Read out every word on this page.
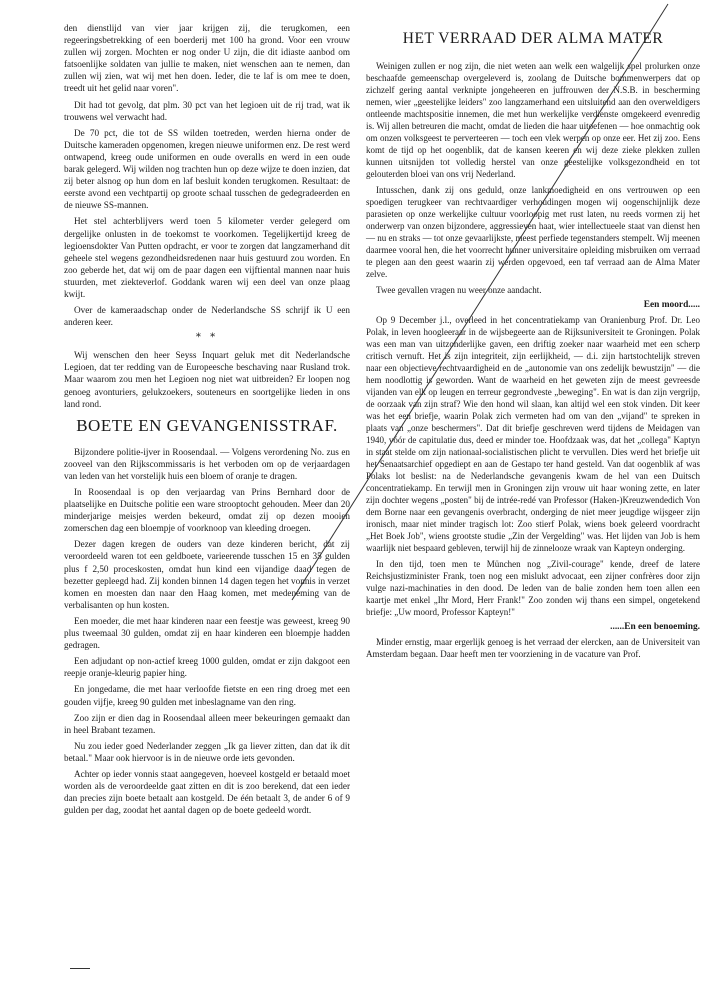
den dienstlijd van vier jaar krijgen zij, die terugkomen, een regeeringsbetrekking of een boerderij met 100 ha grond. Voor een vrouw zullen wij zorgen. Mochten er nog onder U zijn, die dit idiaste aanbod om fatsoenlijke soldaten van jullie te maken, niet wenschen aan te nemen, dan zullen wij zien, wat wij met hen doen. Ieder, die te laf is om mee te doen, treedt uit het gelid naar voren".

Dit had tot gevolg, dat plm. 30 pct van het legioen uit de rij trad, wat ik trouwens wel verwacht had.

De 70 pct, die tot de SS wilden toetreden, werden hierna onder de Duitsche kameraden opgenomen, kregen nieuwe uniformen enz. De rest werd ontwapend, kreeg oude uniformen en oude overalls en werd in een oude barak gelegerd. Wij wilden nog trachten hun op deze wijze te doen inzien, dat zij beter alsnog op hun dom en laf besluit konden terugkomen. Resultaat: de eerste avond een vechtpartij op groote schaal tusschen de gedegradeerden en de nieuwe SS-mannen.

Het stel achterblijvers werd toen 5 kilometer verder gelegerd om dergelijke onlusten in de toekomst te voorkomen. Tegelijkertijd kreeg de legioensdokter Van Putten opdracht, er voor te zorgen dat langzamerhand dit geheele stel wegens gezondheidsredenen naar huis gestuurd zou worden. En zoo geberde het, dat wij om de paar dagen een vijftiental mannen naar huis stuurden, met ziekteverlof. Goddank waren wij een deel van onze plaag kwijt.

Over de kameraadschap onder de Nederlandsche SS schrijf ik U een anderen keer.

* *

Wij wenschen den heer Seyss Inquart geluk met dit Nederlandsche Legioen, dat ter redding van de Europeesche beschaving naar Rusland trok. Maar waarom zou men het Legioen nog niet wat uitbreiden? Er loopen nog genoeg avonturiers, gelukzoekers, souteneurs en soortgelijke lieden in ons land rond.

BOETE EN GEVANGENISSTRAF.

Bijzondere politie-ijver in Roosendaal. — Volgens verordening No. zus en zooveel van den Rijkscommissaris is het verboden om op de verjaardagen van leden van het vorstelijk huis een bloem of oranje te dragen.

In Roosendaal is op den verjaardag van Prins Bernhard door de plaatselijke en Duitsche politie een ware strooptocht gehouden. Meer dan 20 minderjarige meisjes werden bekeurd, omdat zij op dezen mooien zomerschen dag een bloempje of voorknoop van kleeding droegen.

Dezer dagen kregen de ouders van deze kinderen bericht, dat zij veroordeeld waren tot een geldboete, varieerende tusschen 15 en 35 gulden plus f 2,50 proceskosten, omdat hun kind een vijandige daad tegen de bezetter gepleegd had. Zij konden binnen 14 dagen tegen het vonnis in verzet komen en moesten dan naar den Haag komen, met medeneming van de verbalisanten op hun kosten.

Een moeder, die met haar kinderen naar een feestje was geweest, kreeg 90 plus tweemaal 30 gulden, omdat zij en haar kinderen een bloempje hadden gedragen.

Een adjudant op non-actief kreeg 1000 gulden, omdat er zijn dakgoot een reepje oranje-kleurig papier hing.

En jongedame, die met haar verloofde fietste en een ring droeg met een gouden vijfje, kreeg 90 gulden met inbeslagname van den ring.

Zoo zijn er dien dag in Roosendaal alleen meer bekeuringen gemaakt dan in heel Brabant tezamen.

Nu zou ieder goed Nederlander zeggen „Ik ga liever zitten, dan dat ik dit betaal." Maar ook hiervoor is in de nieuwe orde iets gevonden.

Achter op ieder vonnis staat aangegeven, hoeveel kostgeld er betaald moet worden als de veroordeelde gaat zitten en dit is zoo berekend, dat een ieder dan precies zijn boete betaalt aan kostgeld. De één betaalt 3, de ander 6 of 9 gulden per dag, zoodat het aantal dagen op de boete gedeeld wordt.

HET VERRAAD DER ALMA MATER

Weinigen zullen er nog zijn, die niet weten aan welk een walgelijk spel prolurken onze beschaafde gemeenschap overgeleverd is, zoolang de Duitsche bommenwerpers dat op zichzelf gering aantal verknipte jongeheeren en juffrouwen der N.S.B. in bescherming nemen, wier „geestelijke leiders" zoo langzamerhand een uitsluitend aan den overweldigers ontleende machtspositie innemen, die met hun werkelijke verdienste omgekeerd evenredig is. Wij allen betreuren die macht, omdat de lieden die haar uitoefenen — hoe onmachtig ook om onzen volksgeest te perverteeren — toch een vlek werpen op onze eer. Het zij zoo. Eens komt de tijd op het oogenblik, dat de kansen keeren en wij deze zieke plekken zullen kunnen uitsnijden tot volledig herstel van onze geestelijke volksgezondheid en tot gelouterden bloei van ons vrij Nederland.

Intusschen, dank zij ons geduld, onze lankmoedigheid en ons vertrouwen op een spoedigen terugkeer van rechtvaardiger verhoudingen mogen wij oogenschijnlijk deze parasieten op onze werkelijke cultuur voorloopig met rust laten, nu reeds vormen zij het onderwerp van onzen bijzondere, aggressieven haat, wier intellectueele staat van dienst hen — nu en straks — tot onze gevaarlijkste, meest perfiede tegenstanders stempelt. Wij meenen daarmee vooral hen, die het voorrecht hunner universitaire opleiding misbruiken om verraad te plegen aan den geest waarin zij werden opgevoed, een taf verraad aan de Alma Mater zelve.

Twee gevallen vragen nu weer onze aandacht.

Een moord.....

Op 9 December j.l., overleed in het concentratiekamp van Oranienburg Prof. Dr. Leo Polak, in leven hoogleeraar in de wijsbegeerte aan de Rijksuniversiteit te Groningen. Polak was een man van uitzonderlijke gaven, een driftig zoeker naar waarheid met een scherp critisch vernuft. Het is zijn integriteit, zijn eerlijkheid, — d.i. zijn hartstochtelijk streven naar een objectieve rechtvaardigheid en de „autonomie van ons zedelijk bewustzijn" — die hem noodlottig is geworden. Want de waarheid en het geweten zijn de meest gevreesde vijanden van elk op leugen en terreur gegrondveste „beweging". En wat is dan zijn vergrijp, de oorzaak van zijn straf? Wie den hond wil slaan, kan altijd wel een stok vinden. Dit keer was het een briefje, waarin Polak zich vermeten had om van den „vijand" te spreken in plaats van „onze beschermers". Dat dit briefje geschreven werd tijdens de Meidagen van 1940, vóór de capitulatie dus, deed er minder toe. Hoofdzaak was, dat het „collega" Kaptyn in staat stelde om zijn nationaal-socialistischen plicht te vervullen. Dies werd het briefje uit het Senaatsarchief opgediept en aan de Gestapo ter hand gesteld. Van dat oogenblik af was Polaks lot beslist: na de Nederlandsche gevangenis kwam de hel van een Duitsch concentratiekamp. En terwijl men in Groningen zijn vrouw uit haar woning zette, en later zijn dochter wegens „posten" bij de intrée-redé van Professor (Haken-)Kreuzwendedich Von dem Borne naar een gevangenis overbracht, onderging de niet meer jeugdige wijsgeer zijn ironisch, maar niet minder tragisch lot: Zoo stierf Polak, wiens boek geleerd voordracht „Het Boek Job", wiens grootste studie „Zin der Vergelding" was. Het lijden van Job is hem waarlijk niet bespaard gebleven, terwijl hij de zinnelooze wraak van Kapteyn onderging.

In den tijd, toen men te München nog „Zivil-courage" kende, dreef de latere Reichsjustizminister Frank, toen nog een mislukt advocaat, een zijner confrères door zijn vulge nazi-machinaties in den dood. De leden van de balie zonden hem toen allen een kaartje met enkel „Ihr Mord, Herr Frank!" Zoo zonden wij thans een simpel, ongetekend briefje: „Uw moord, Professor Kapteyn!"

......En een benoeming.

Minder ernstig, maar ergerlijk genoeg is het verraad der elercken, aan de Universiteit van Amsterdam begaan. Daar heeft men ter voorziening in de vacature van Prof.
